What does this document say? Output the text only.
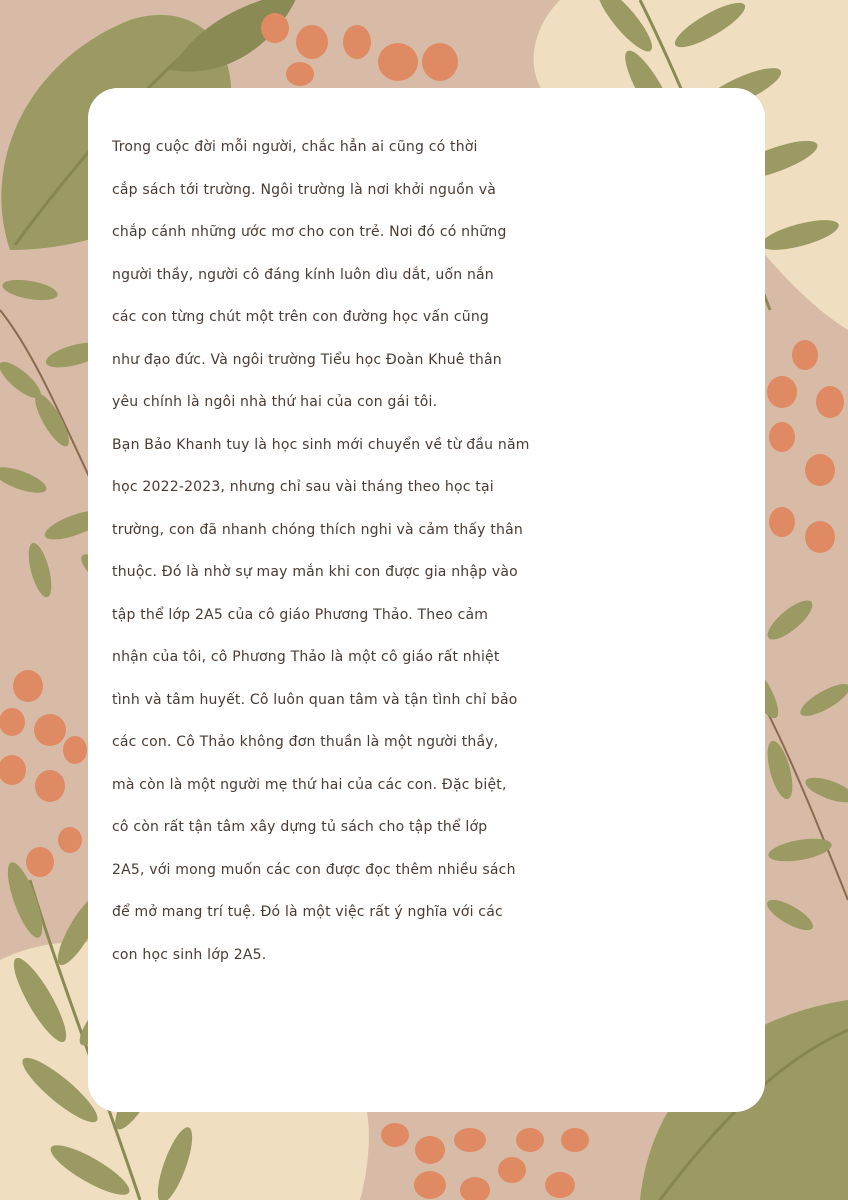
Trong cuộc đời mỗi người, chắc hẳn ai cũng có thời
cắp sách tới trường. Ngôi trường là nơi khởi nguồn và
chắp cánh những ước mơ cho con trẻ. Nơi đó có những
người thầy, người cô đáng kính luôn dìu dắt, uốn nắn
các con từng chút một trên con đường học vấn cũng
như đạo đức. Và ngôi trường Tiểu học Đoàn Khuê thân
yêu chính là ngôi nhà thứ hai của con gái tôi.
Bạn Bảo Khanh tuy là học sinh mới chuyển về từ đầu năm
học 2022-2023, nhưng chỉ sau vài tháng theo học tại
trường, con đã nhanh chóng thích nghi và cảm thấy thân
thuộc. Đó là nhờ sự may mắn khi con được gia nhập vào
tập thể lớp 2A5 của cô giáo Phương Thảo. Theo cảm
nhận của tôi, cô Phương Thảo là một cô giáo rất nhiệt
tình và tâm huyết. Cô luôn quan tâm và tận tình chỉ bảo
các con. Cô Thảo không đơn thuần là một người thầy,
mà còn là một người mẹ thứ hai của các con. Đặc biệt,
cô còn rất tận tâm xây dựng tủ sách cho tập thể lớp
2A5, với mong muốn các con được đọc thêm nhiều sách
để mở mang trí tuệ. Đó là một việc rất ý nghĩa với các
con học sinh lớp 2A5.
